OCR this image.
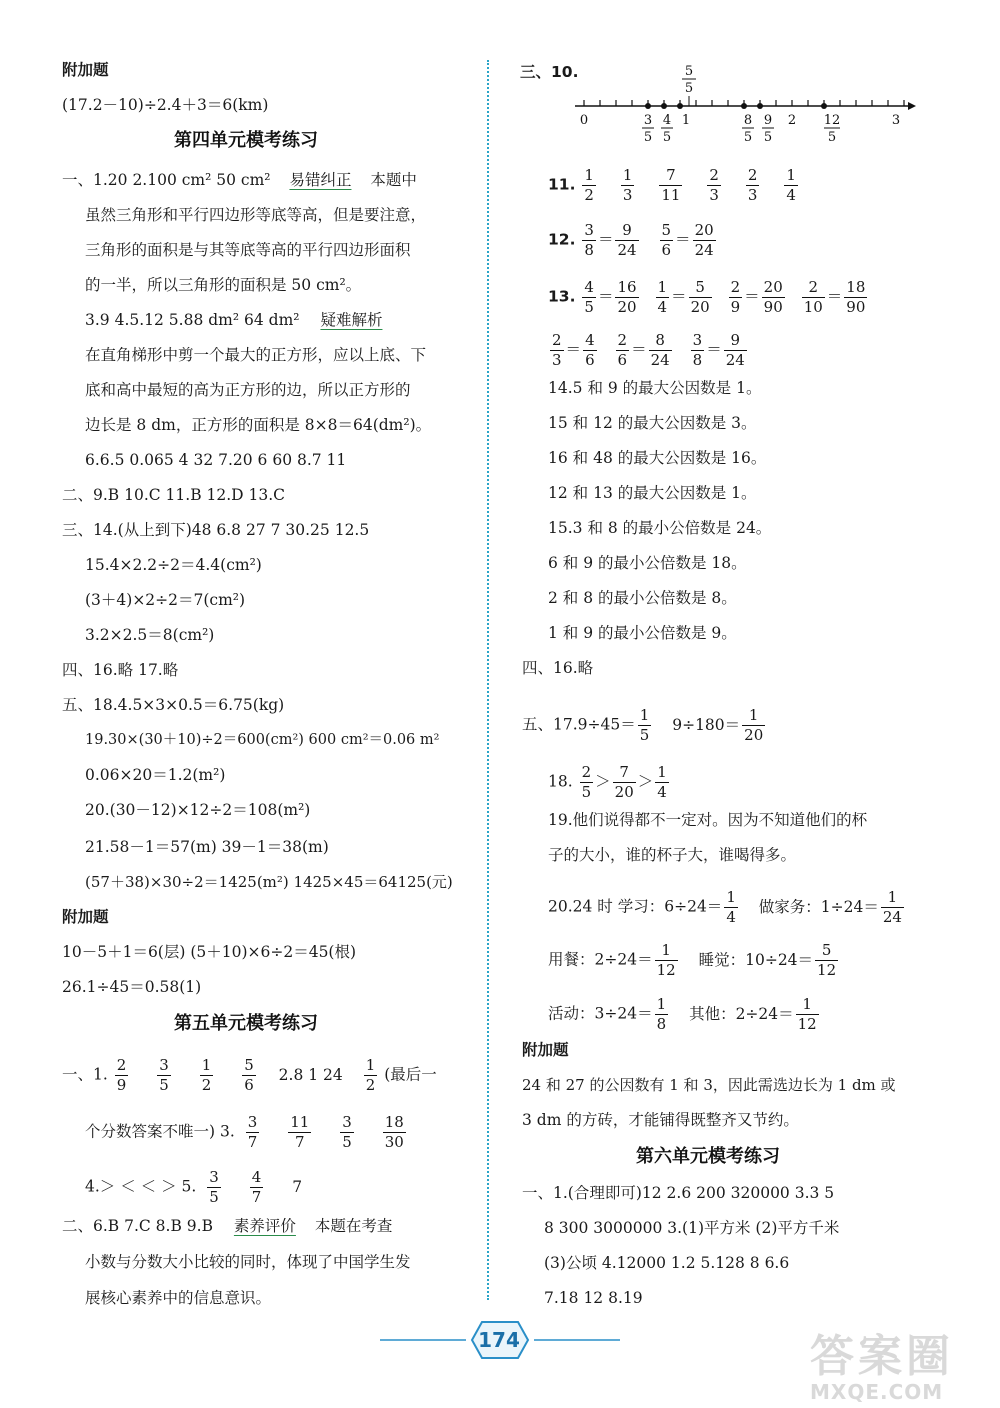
附加题
(17.2－10)÷2.4＋3＝6(km)
第四单元模考练习
一、1.20 2.100 cm² 50 cm² 易错纠正 本题中
虽然三角形和平行四边形等底等高，但是要注意，
三角形的面积是与其等底等高的平行四边形面积
的一半，所以三角形的面积是 50 cm²。
3.9 4.5.12 5.88 dm² 64 dm² 疑难解析
在直角梯形中剪一个最大的正方形，应以上底、下
底和高中最短的高为正方形的边，所以正方形的
边长是 8 dm，正方形的面积是 8×8＝64(dm²)。
6.6.5 0.065 4 32 7.20 6 60 8.7 11
二、9.B 10.C 11.B 12.D 13.C
三、14.(从上到下)48 6.8 27 7 30.25 12.5
15.4×2.2÷2＝4.4(cm²)
(3＋4)×2÷2＝7(cm²)
3.2×2.5＝8(cm²)
四、16.略 17.略
五、18.4.5×3×0.5＝6.75(kg)
19.30×(30＋10)÷2＝600(cm²) 600 cm²＝0.06 m²
0.06×20＝1.2(m²)
20.(30－12)×12÷2＝108(m²)
21.58－1＝57(m) 39－1＝38(m)
(57＋38)×30÷2＝1425(m²) 1425×45＝64125(元)
附加题
10－5＋1＝6(层) (5＋10)×6÷2＝45(根)
26.1÷45＝0.58(1)
第五单元模考练习
一、1. $\frac{2}{9}$
$\frac{3}{5}$
$\frac{1}{2}$
$\frac{5}{6} 2.8$ 1 $24 \frac{1}{2}$ (最后一
个分数答案不唯一) 3. $\frac{3}{7}$
$\frac{11}{7}$
$\frac{3}{5}$
$\frac{18}{30}$
4.＞ ＜ ＜ ＞ 5. $\frac{3}{5}$
$\frac{4}{7} 7$
二、6.B 7.C 8.B 9.B 素养评价 本题在考查
小数与分数大小比较的同时，体现了中国学生发
展核心素养中的信息意识。
三、10.	5
5
0	1	2	3
3
5
4
5
8
5
9
5
12
5
11. $\frac{1}{2}$
$\frac{1}{3}$
$\frac{7}{11}$
$\frac{2}{3}$
$\frac{2}{3}$
$\frac{1}{4}$
12. $\frac{3}{8} = \frac{9}{24}$
$\frac{5}{6} = \frac{20}{24}$
13. $\frac{4}{5} = \frac{16}{20}$
$\frac{1}{4} = \frac{5}{20}$
$\frac{2}{9} = \frac{20}{90}$
$\frac{2}{10} = \frac{18}{90}$
$\frac{2}{3} = \frac{4}{6}$
$\frac{2}{6} = \frac{8}{24}$
$\frac{3}{8} = \frac{9}{24}$
14.5 和 9 的最大公因数是 1。
15 和 12 的最大公因数是 3。
16 和 48 的最大公因数是 16。
12 和 13 的最大公因数是 1。
15.3 和 8 的最小公倍数是 24。
6 和 9 的最小公倍数是 18。
2 和 8 的最小公倍数是 8。
1 和 9 的最小公倍数是 9。
四、16.略
五、$17.9\div 45= \frac{1}{5} 9\div 180= \frac{1}{20}$
18. $\frac{2}{5} > \frac{7}{20} > \frac{1}{4}$
19.他们说得都不一定对。因为不知道他们的杯
子的大小，谁的杯子大，谁喝得多。
20.24 时 学习：$6\div 24= \frac{1}{4}$ 做家务：$1\div 24= \frac{1}{24}$
用餐：$2\div 24= \frac{1}{12}$ 睡觉：$10\div 24= \frac{5}{12}$
活动：$3\div 24= \frac{1}{8}$ 其他：$2\div 24= \frac{1}{12}$
附加题
24 和 27 的公因数有 1 和 3，因此需选边长为 1 dm 或
3 dm 的方砖，才能铺得既整齐又节约。
第六单元模考练习
一、1.(合理即可)12 2.6 200 320000 3.3 5
8 300 3000000 3.(1)平方米 (2)平方千米
(3)公顷 4.12000 1.2 5.128 8 6.6
7.18 12 8.19
174	答案圈
MXQE.COM
